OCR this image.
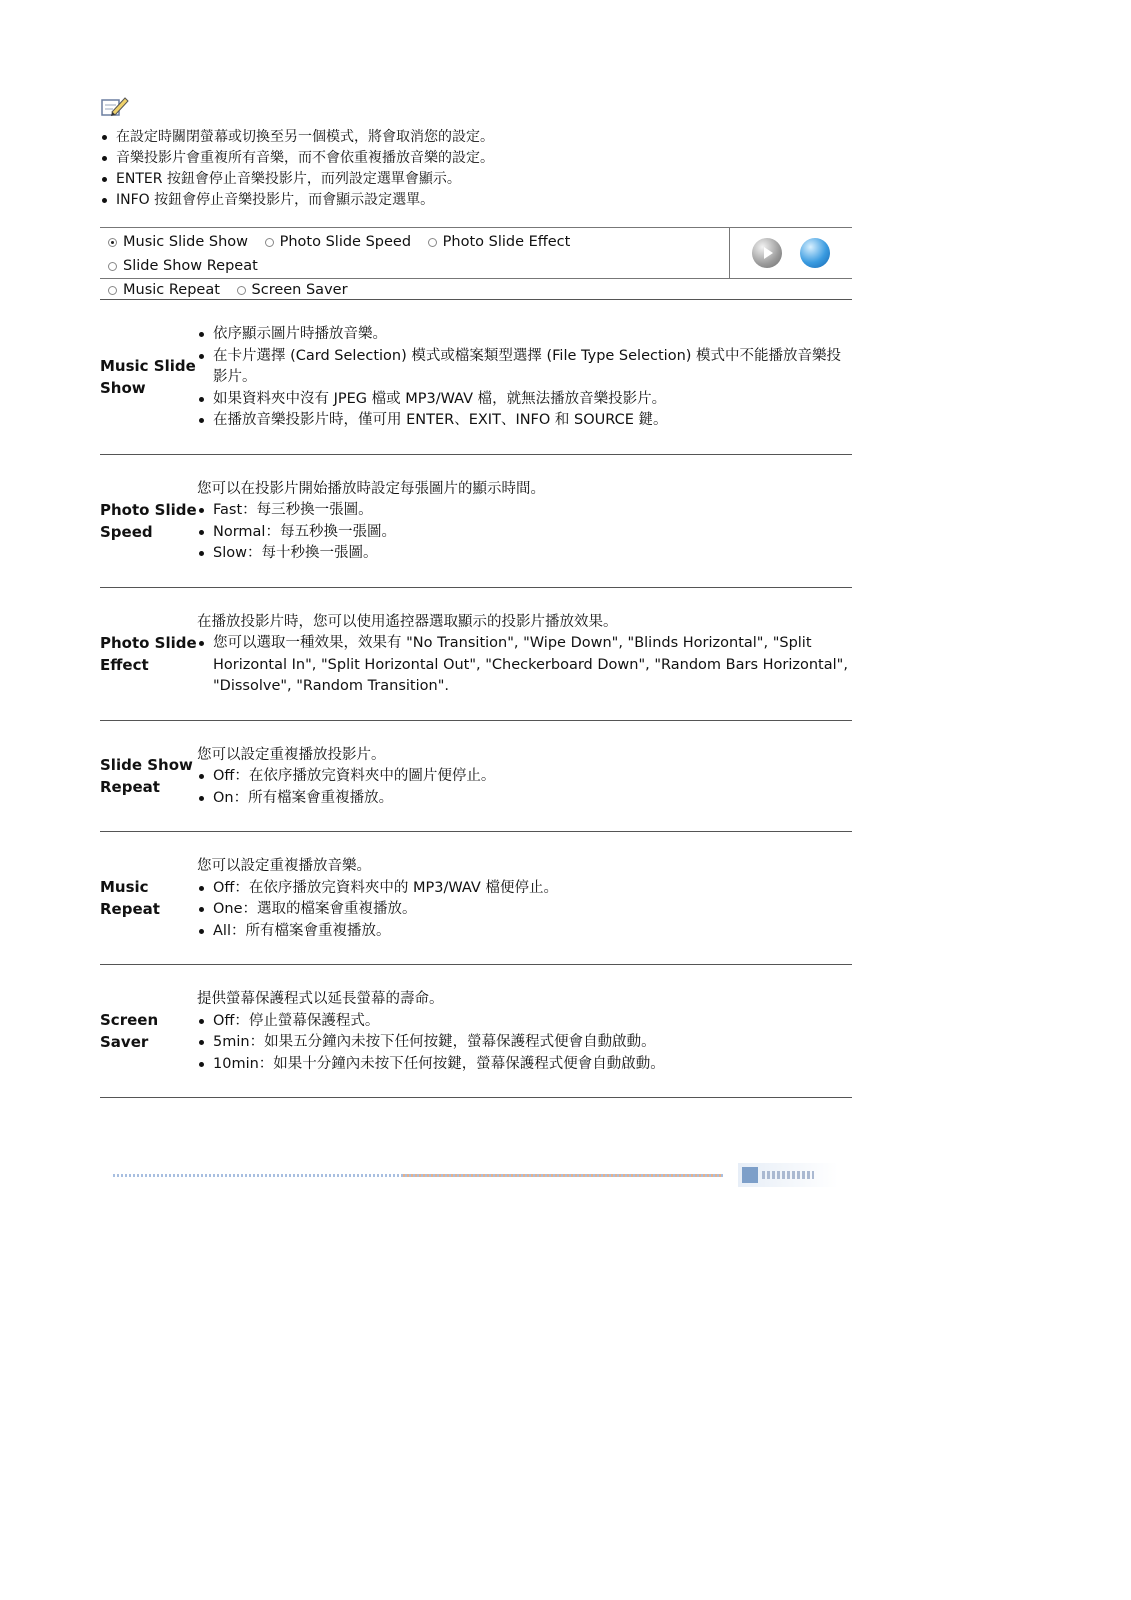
在設定時關閉螢幕或切換至另一個模式，將會取消您的設定。
音樂投影片會重複所有音樂，而不會依重複播放音樂的設定。
ENTER 按鈕會停止音樂投影片，而列設定選單會顯示。
INFO 按鈕會停止音樂投影片，而會顯示設定選單。
Music Slide Show
Photo Slide Speed
Photo Slide Effect

Slide Show Repeat

Music Repeat
Screen Saver
Music Slide
Show
依序顯示圖片時播放音樂。
在卡片選擇 (Card Selection) 模式或檔案類型選擇 (File Type Selection) 模式中不能播放音樂投影片。
如果資料夾中沒有 JPEG 檔或 MP3/WAV 檔，就無法播放音樂投影片。
在播放音樂投影片時，僅可用 ENTER、EXIT、INFO 和 SOURCE 鍵。
Photo Slide
Speed

您可以在投影片開始播放時設定每張圖片的顯示時間。

Fast：每三秒換一張圖。
Normal：每五秒換一張圖。
Slow：每十秒換一張圖。
Photo Slide
Effect

在播放投影片時，您可以使用遙控器選取顯示的投影片播放效果。

您可以選取一種效果，效果有 "No Transition", "Wipe Down", "Blinds Horizontal", "Split Horizontal In", "Split Horizontal Out", "Checkerboard Down", "Random Bars Horizontal", "Dissolve", "Random Transition".
Slide Show
Repeat

您可以設定重複播放投影片。

Off：在依序播放完資料夾中的圖片便停止。
On：所有檔案會重複播放。
Music
Repeat

您可以設定重複播放音樂。

Off：在依序播放完資料夾中的 MP3/WAV 檔便停止。
One：選取的檔案會重複播放。
All：所有檔案會重複播放。
Screen
Saver

提供螢幕保護程式以延長螢幕的壽命。

Off：停止螢幕保護程式。
5min：如果五分鐘內未按下任何按鍵，螢幕保護程式便會自動啟動。
10min：如果十分鐘內未按下任何按鍵，螢幕保護程式便會自動啟動。
